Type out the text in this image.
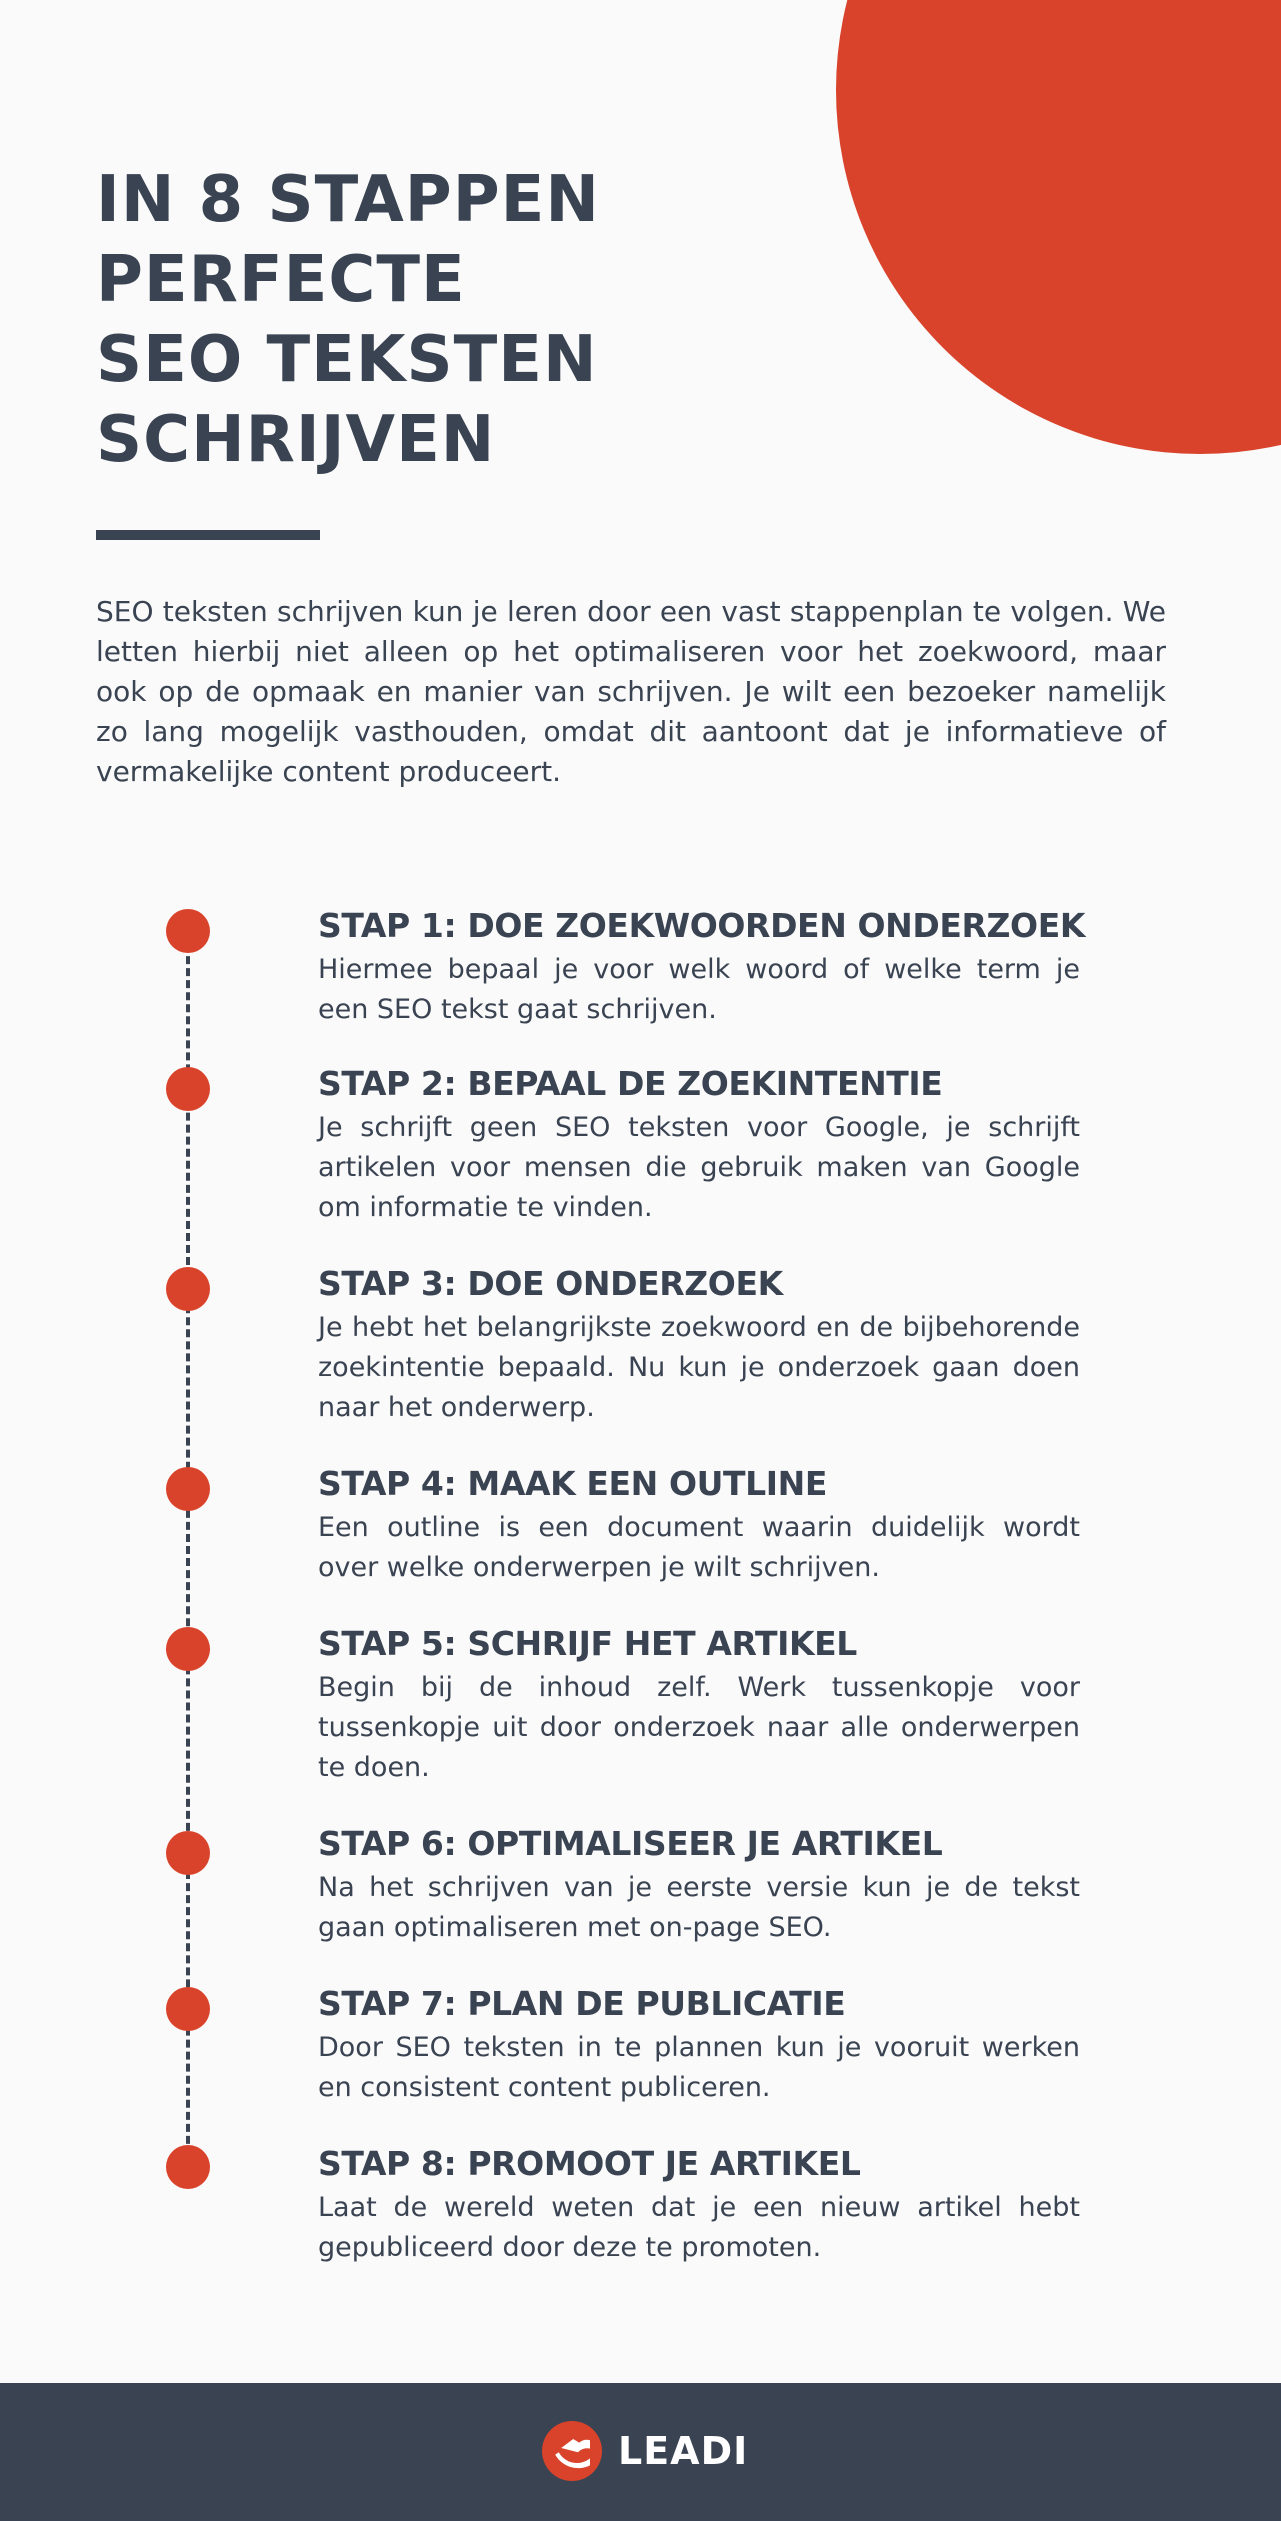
IN 8 STAPPEN
PERFECTE
SEO TEKSTEN
SCHRIJVEN

SEO teksten schrijven kun je leren door een vast stappenplan te volgen. We letten hierbij niet alleen op het optimaliseren voor het zoekwoord, maar ook op de opmaak en manier van schrijven. Je wilt een bezoeker namelijk zo lang mogelijk vasthouden, omdat dit aantoont dat je informatieve of vermakelijke content produceert.

STAP 1: DOE ZOEKWOORDEN ONDERZOEK

Hiermee bepaal je voor welk woord of welke term je een SEO tekst gaat schrijven.

STAP 2: BEPAAL DE ZOEKINTENTIE

Je schrijft geen SEO teksten voor Google, je schrijft artikelen voor mensen die gebruik maken van Google om informatie te vinden.

STAP 3: DOE ONDERZOEK

Je hebt het belangrijkste zoekwoord en de bijbehorende zoekintentie bepaald. Nu kun je onderzoek gaan doen naar het onderwerp.

STAP 4: MAAK EEN OUTLINE

Een outline is een document waarin duidelijk wordt over welke onderwerpen je wilt schrijven.

STAP 5: SCHRIJF HET ARTIKEL

Begin bij de inhoud zelf. Werk tussenkopje voor tussenkopje uit door onderzoek naar alle onderwerpen te doen.

STAP 6: OPTIMALISEER JE ARTIKEL

Na het schrijven van je eerste versie kun je de tekst gaan optimaliseren met on-page SEO.

STAP 7: PLAN DE PUBLICATIE

Door SEO teksten in te plannen kun je vooruit werken en consistent content publiceren.

STAP 8: PROMOOT JE ARTIKEL

Laat de wereld weten dat je een nieuw artikel hebt gepubliceerd door deze te promoten.

LEADI
